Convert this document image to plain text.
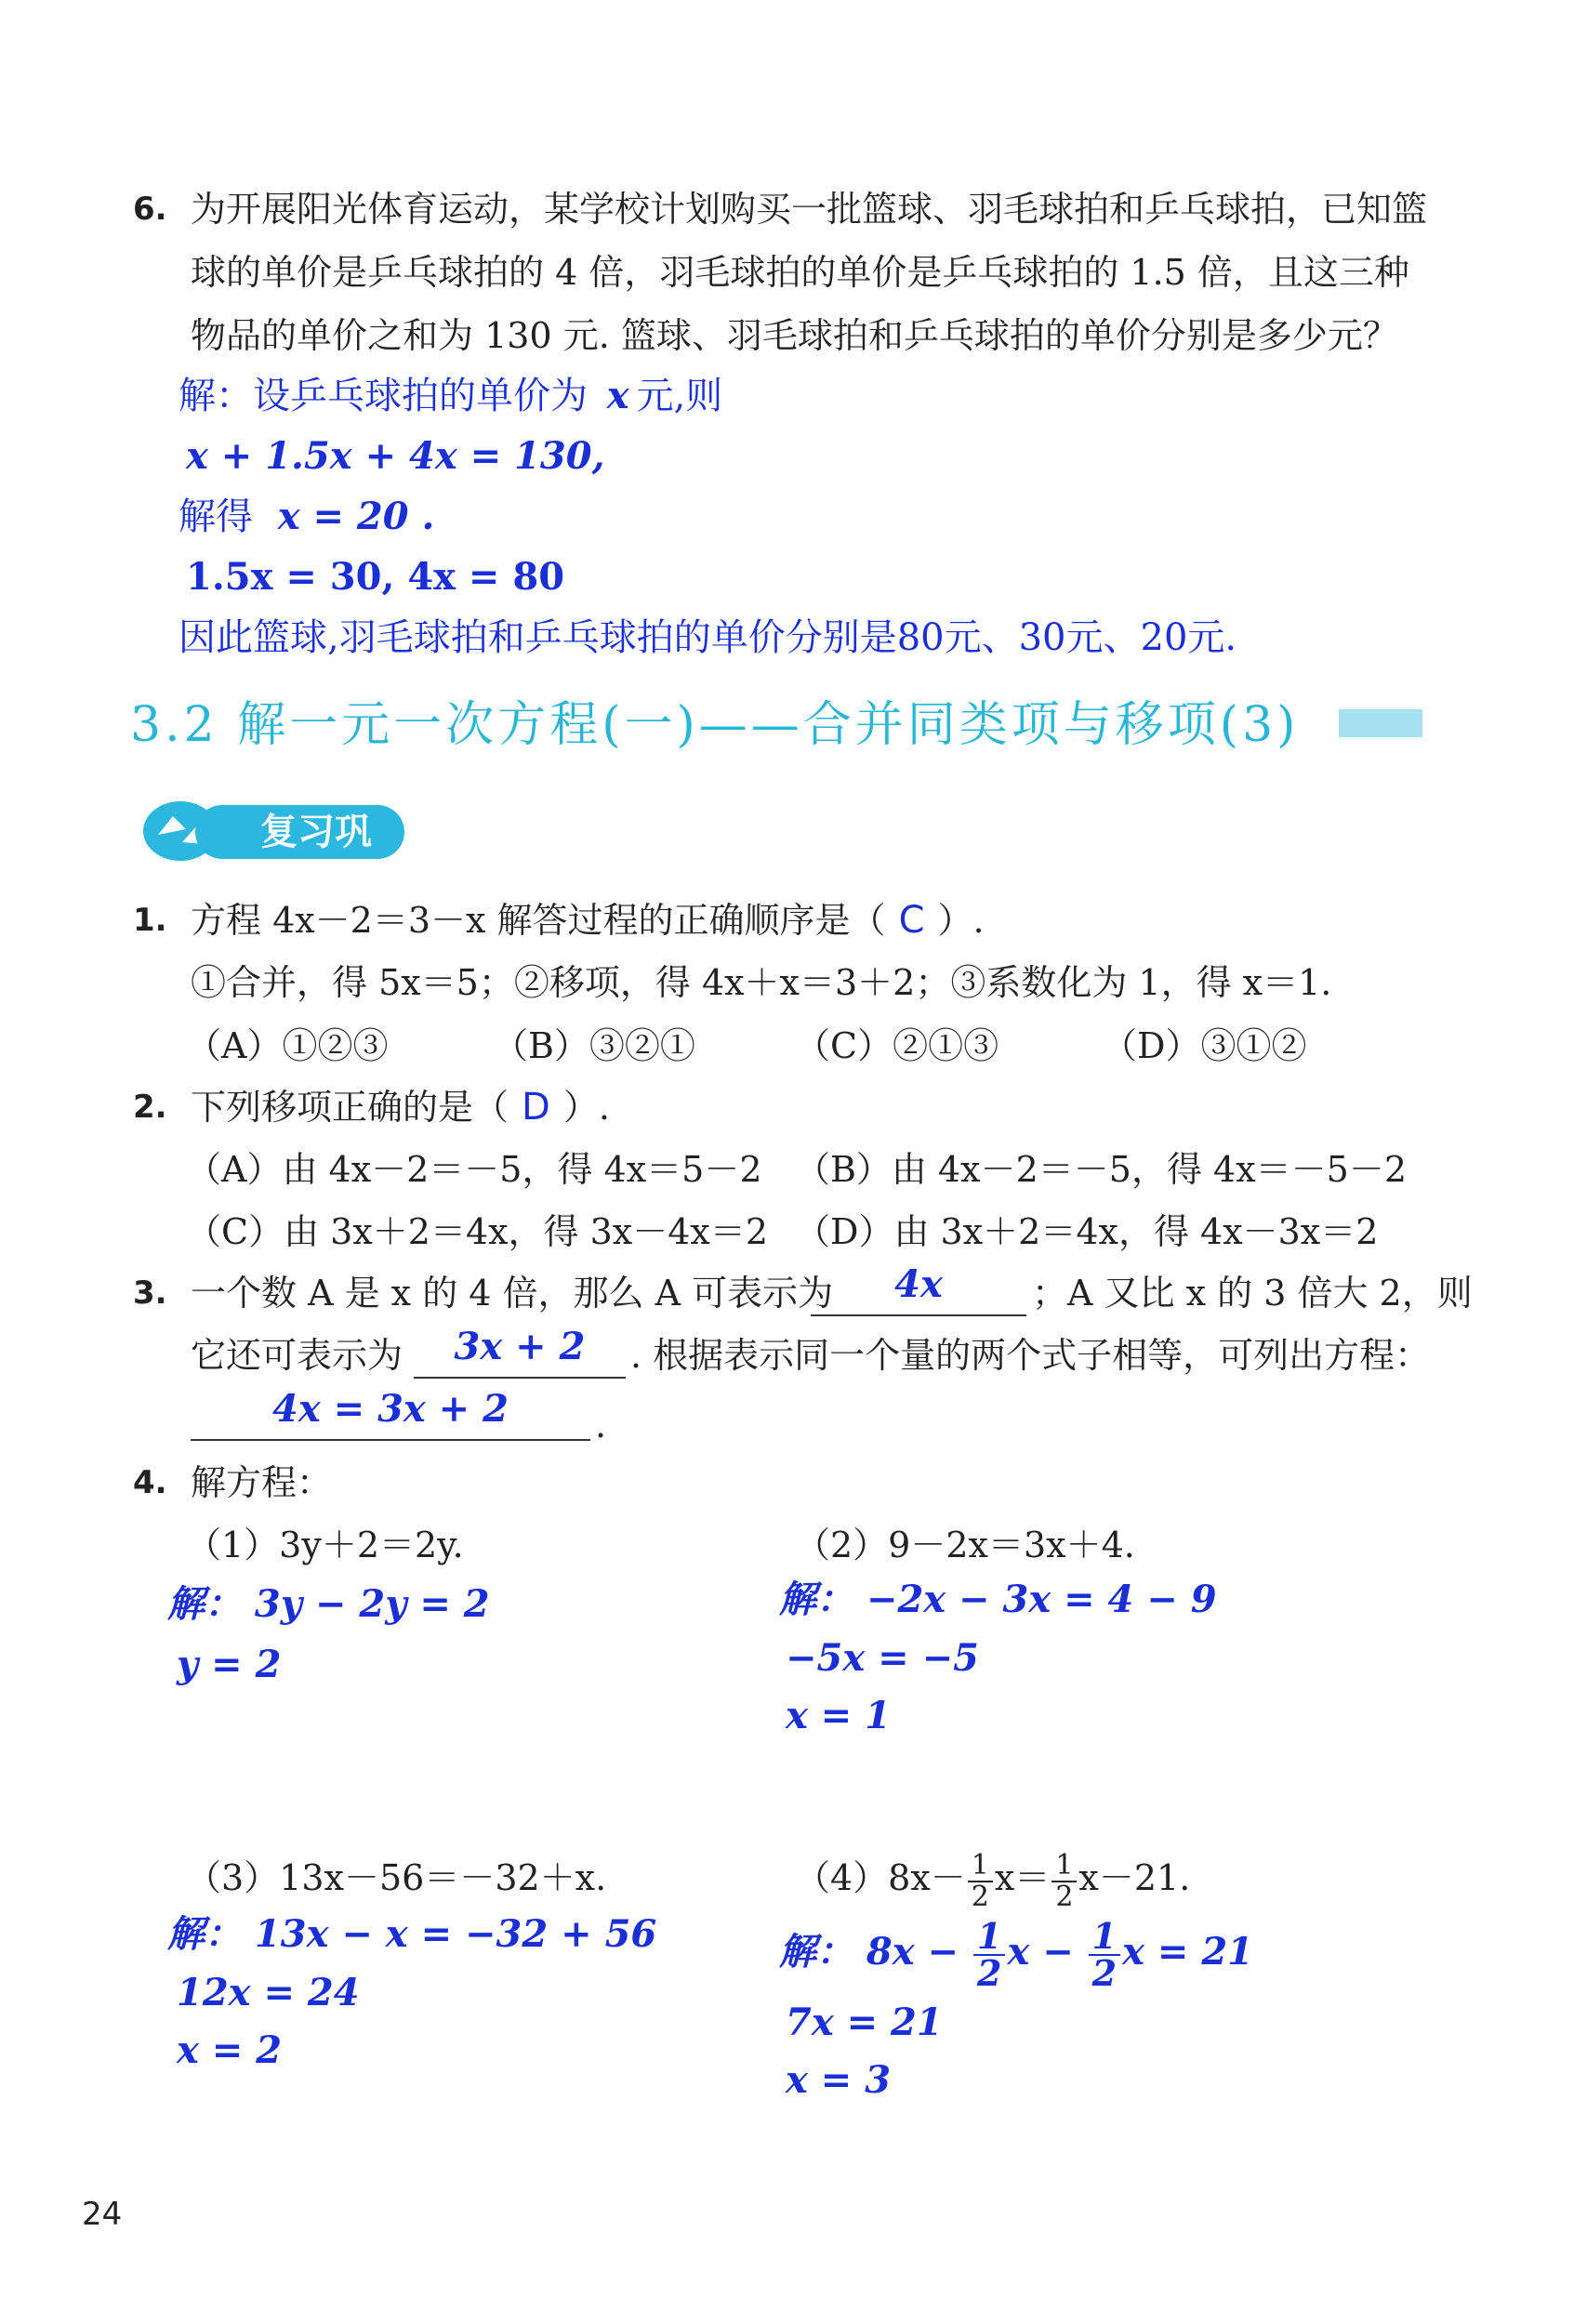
6. 为开展阳光体育运动，某学校计划购买一批篮球、羽毛球拍和乒乓球拍，已知篮
球的单价是乒乓球拍的 4 倍，羽毛球拍的单价是乒乓球拍的 1.5 倍，且这三种
物品的单价之和为 130 元. 篮球、羽毛球拍和乒乓球拍的单价分别是多少元？
解：设乒乓球拍的单价为 x 元,则
x + 1.5x + 4x = 130,
解得 x = 20 .
1.5x = 30, 4x = 80
因此篮球,羽毛球拍和乒乓球拍的单价分别是80元、30元、20元.
3.2 解一元一次方程(一)——合并同类项与移项(3)
复习巩固
1. 方程 4x－2＝3－x 解答过程的正确顺序是（ C ）.
①合并，得 5x＝5；②移项，得 4x＋x＝3＋2；③系数化为 1，得 x＝1.
（A）①②③	（B）③②①	（C）②①③	（D）③①②
2. 下列移项正确的是（ D ）.
（A）由 4x－2＝－5，得 4x＝5－2 （B）由 4x－2＝－5，得 4x＝－5－2
（C）由 3x＋2＝4x，得 3x－4x＝2 （D）由 3x＋2＝4x，得 4x－3x＝2
3. 一个数 A 是 x 的 4 倍，那么 A 可表示为	4x	；A 又比 x 的 3 倍大 2，则
它还可表示为	3x + 2	. 根据表示同一个量的两个式子相等，可列出方程：
4x = 3x + 2	.
4. 解方程：
（1）3y＋2＝2y.
解： 3y − 2y = 2
y = 2
（2）9－2x＝3x＋4.
解： −2x − 3x = 4 − 9
−5x = −5
x = 1
（3）13x－56＝－32＋x.
解： 13x − x = −32 + 56
12x = 24
x = 2
$(4)8x- \frac{1}{2} x= \frac{1}{2} x-21$.
解： $8x - \frac{1}{2}$ $x - \frac{1}{2}$ x = 21
7x = 21
x = 3
24
